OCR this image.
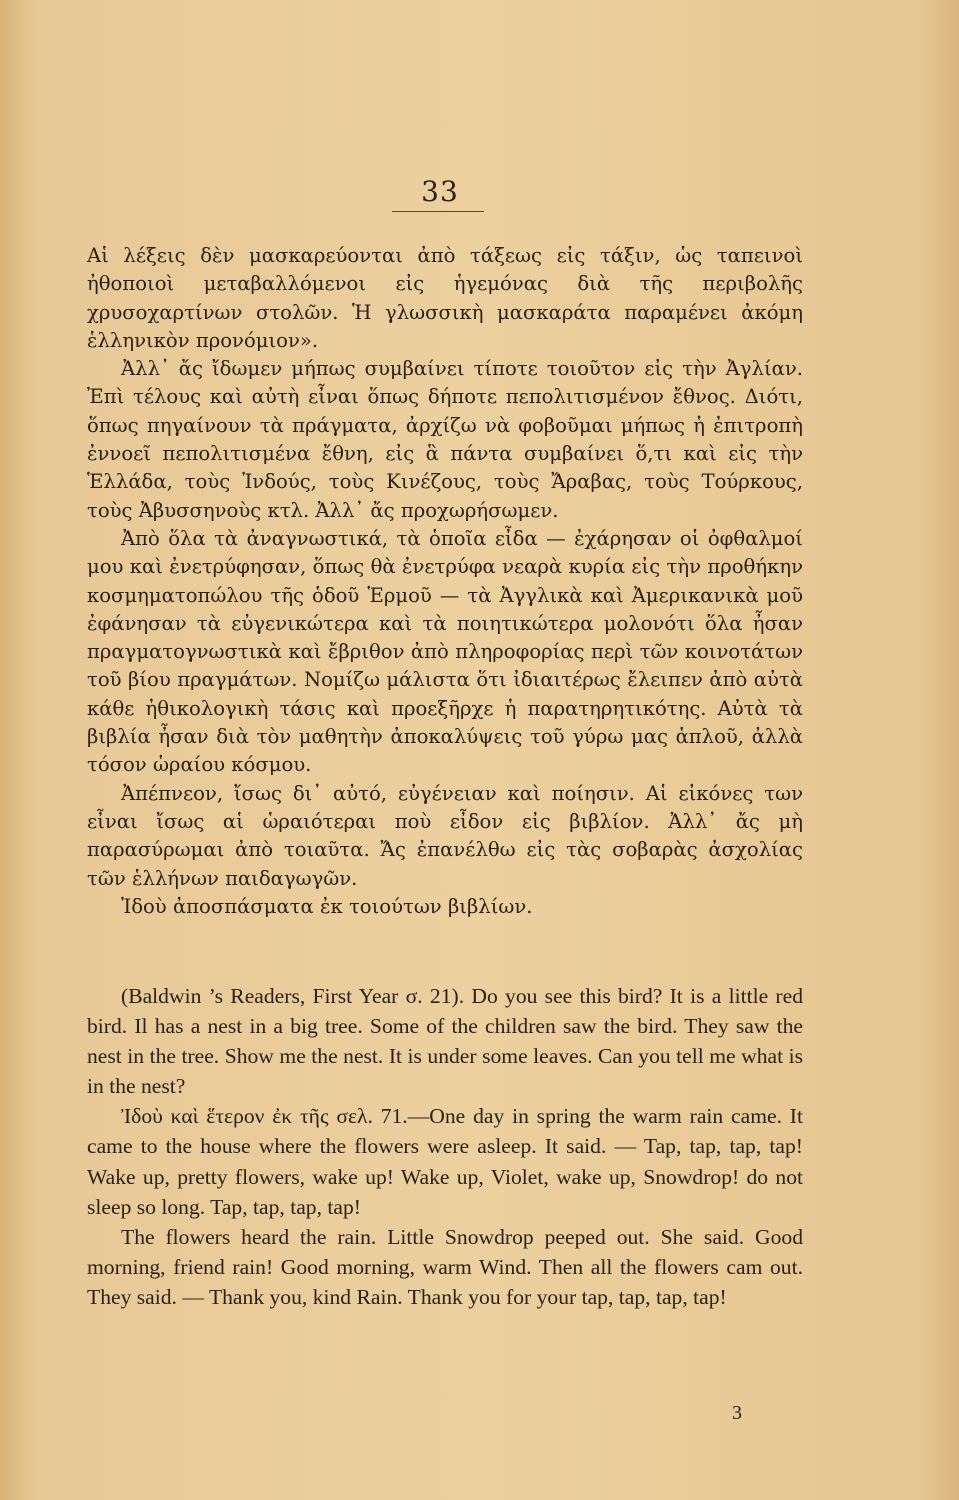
33

Αἱ λέξεις δὲν μασκαρεύονται ἀπὸ τάξεως εἰς τάξιν, ὡς ταπεινοὶ ἠθοποιοὶ μεταβαλλόμενοι εἰς ἡγεμόνας διὰ τῆς περιβολῆς χρυσοχαρτίνων στολῶν. Ἡ γλωσσικὴ μασκαράτα παραμένει ἀκόμη ἑλληνικὸν προνόμιον».

Ἀλλ᾽ ἄς ἴδωμεν μήπως συμβαίνει τίποτε τοιοῦτον εἰς τὴν Ἀγλίαν. Ἐπὶ τέλους καὶ αὐτὴ εἶναι ὅπως δήποτε πεπολιτισμένον ἔθνος. Διότι, ὅπως πηγαίνουν τὰ πράγματα, ἀρχίζω νὰ φοβοῦμαι μήπως ἡ ἐπιτροπὴ ἐννοεῖ πεπολιτισμένα ἔθνη, εἰς ἃ πάντα συμβαίνει ὅ,τι καὶ εἰς τὴν Ἑλλάδα, τοὺς Ἰνδούς, τοὺς Κινέζους, τοὺς Ἄραβας, τοὺς Τούρκους, τοὺς Ἀβυσσηνοὺς κτλ. Ἀλλ᾽ ἄς προχωρήσωμεν.

Ἀπὸ ὅλα τὰ ἀναγνωστικά, τὰ ὁποῖα εἶδα — ἐχάρησαν οἱ ὀφθαλμοί μου καὶ ἐνετρύφησαν, ὅπως θὰ ἐνετρύφα νεαρὰ κυρία εἰς τὴν προθήκην κοσμηματοπώλου τῆς ὁδοῦ Ἑρμοῦ — τὰ Ἀγγλικὰ καὶ Ἀμερικανικὰ μοῦ ἐφάνησαν τὰ εὐγενικώτερα καὶ τὰ ποιητικώτερα μολονότι ὅλα ἦσαν πραγματογνωστικὰ καὶ ἔβριθον ἀπὸ πληροφορίας περὶ τῶν κοινοτάτων τοῦ βίου πραγμάτων. Νομίζω μάλιστα ὅτι ἰδιαιτέρως ἔλειπεν ἀπὸ αὐτὰ κάθε ἠθικολογικὴ τάσις καὶ προεξῆρχε ἡ παρατηρητικότης. Αὐτὰ τὰ βιβλία ἦσαν διὰ τὸν μαθητὴν ἀποκαλύψεις τοῦ γύρω μας ἁπλοῦ, ἀλλὰ τόσον ὡραίου κόσμου.

Ἀπέπνεον, ἴσως δι᾽ αὐτό, εὐγένειαν καὶ ποίησιν. Αἱ εἰκόνες των εἶναι ἴσως αἱ ὡραιότεραι ποὺ εἶδον εἰς βιβλίον. Ἀλλ᾽ ἄς μὴ παρασύρωμαι ἀπὸ τοιαῦτα. Ἄς ἐπανέλθω εἰς τὰς σοβαρὰς ἀσχολίας τῶν ἑλλήνων παιδαγωγῶν.

Ἰδοὺ ἀποσπάσματα ἐκ τοιούτων βιβλίων.

(Baldwin ’s Readers, First Year σ. 21). Do you see this bird? It is a little red bird. Il has a nest in a big tree. Some of the children saw the bird. They saw the nest in the tree. Show me the nest. It is under some leaves. Can you tell me what is in the nest?

Ἰδοὺ καὶ ἕτερον ἐκ τῆς σελ. 71.—One day in spring the warm rain came. It came to the house where the flowers were asleep. It said. — Tap, tap, tap, tap! Wake up, pretty flowers, wake up! Wake up, Violet, wake up, Snowdrop! do not sleep so long. Tap, tap, tap, tap!

The flowers heard the rain. Little Snowdrop peeped out. She said. Good morning, friend rain! Good morning, warm Wind. Then all the flowers cam out. They said. — Thank you, kind Rain. Thank you for your tap, tap, tap, tap!

3
